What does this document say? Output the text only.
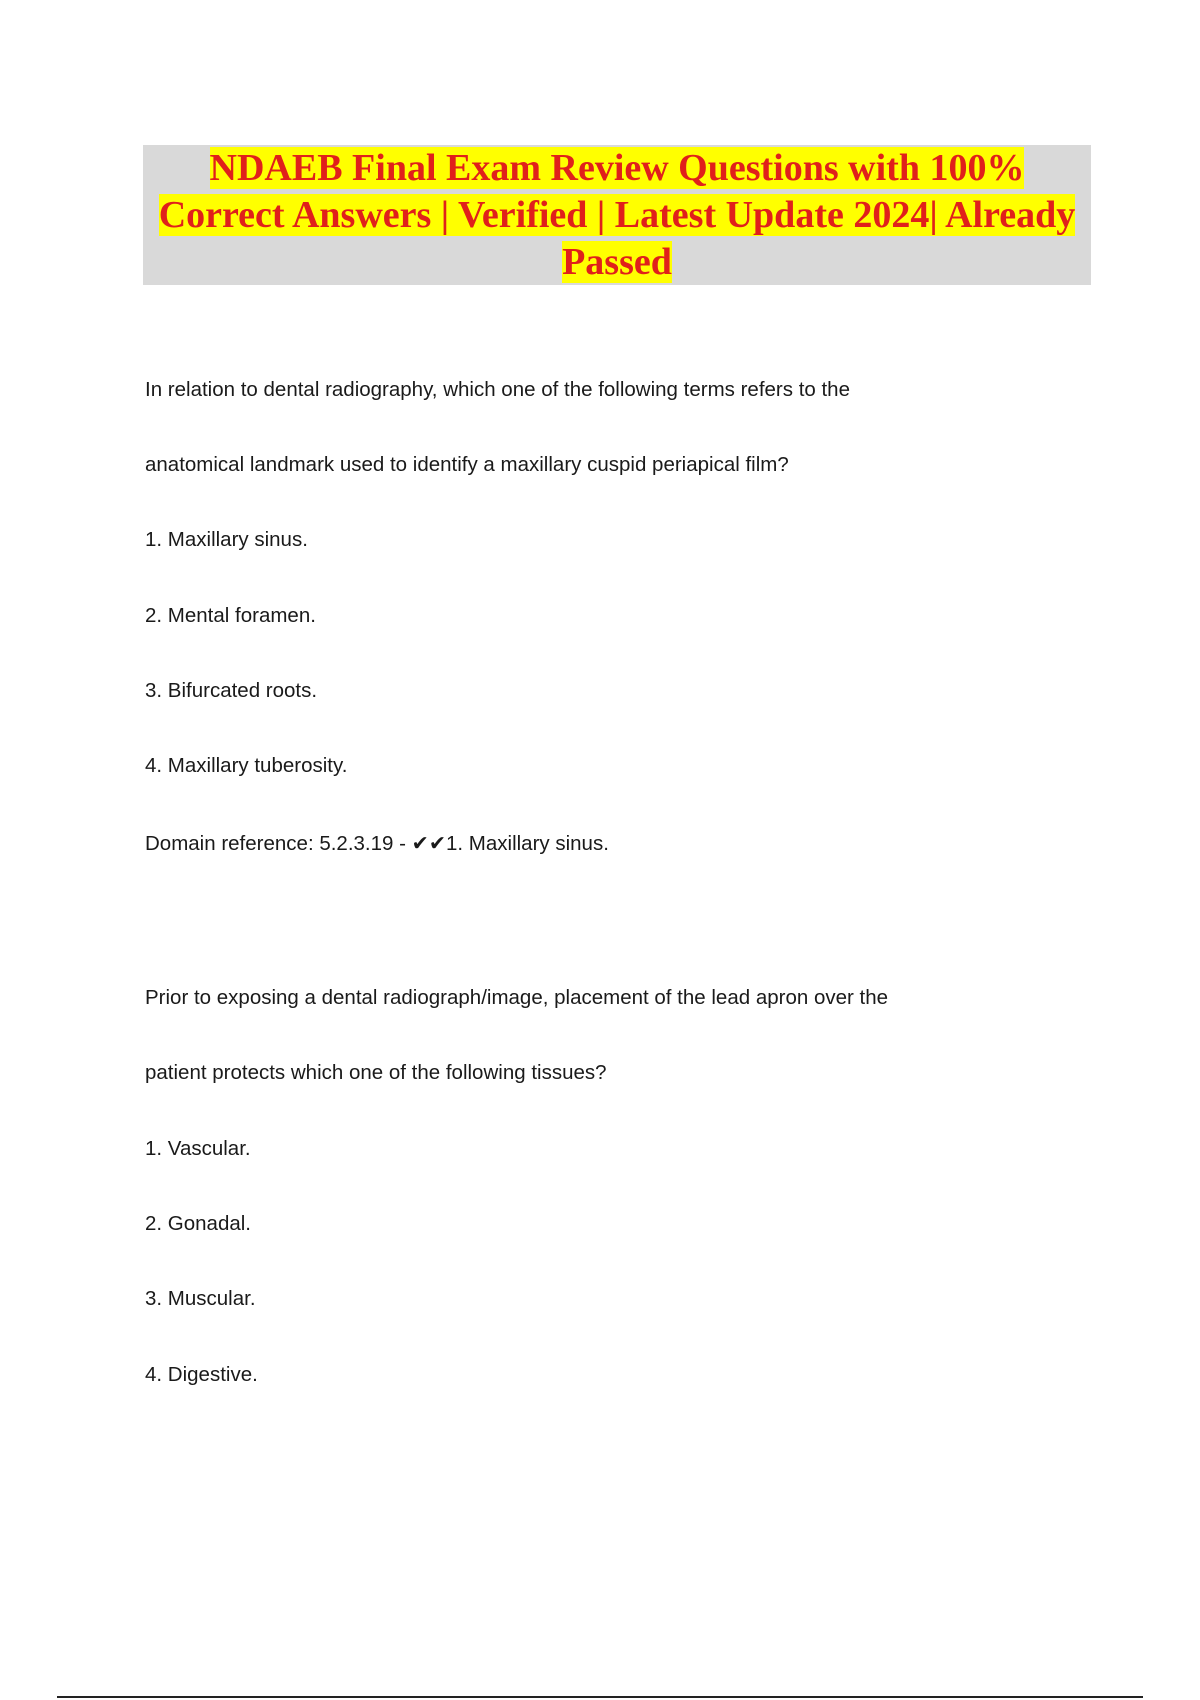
NDAEB Final Exam Review Questions with 100% Correct Answers | Verified | Latest Update 2024| Already Passed
In relation to dental radiography, which one of the following terms refers to the
anatomical landmark used to identify a maxillary cuspid periapical film?
1. Maxillary sinus.
2. Mental foramen.
3. Bifurcated roots.
4. Maxillary tuberosity.
Domain reference: 5.2.3.19 - ✔✔1. Maxillary sinus.
Prior to exposing a dental radiograph/image, placement of the lead apron over the
patient protects which one of the following tissues?
1. Vascular.
2. Gonadal.
3. Muscular.
4. Digestive.
